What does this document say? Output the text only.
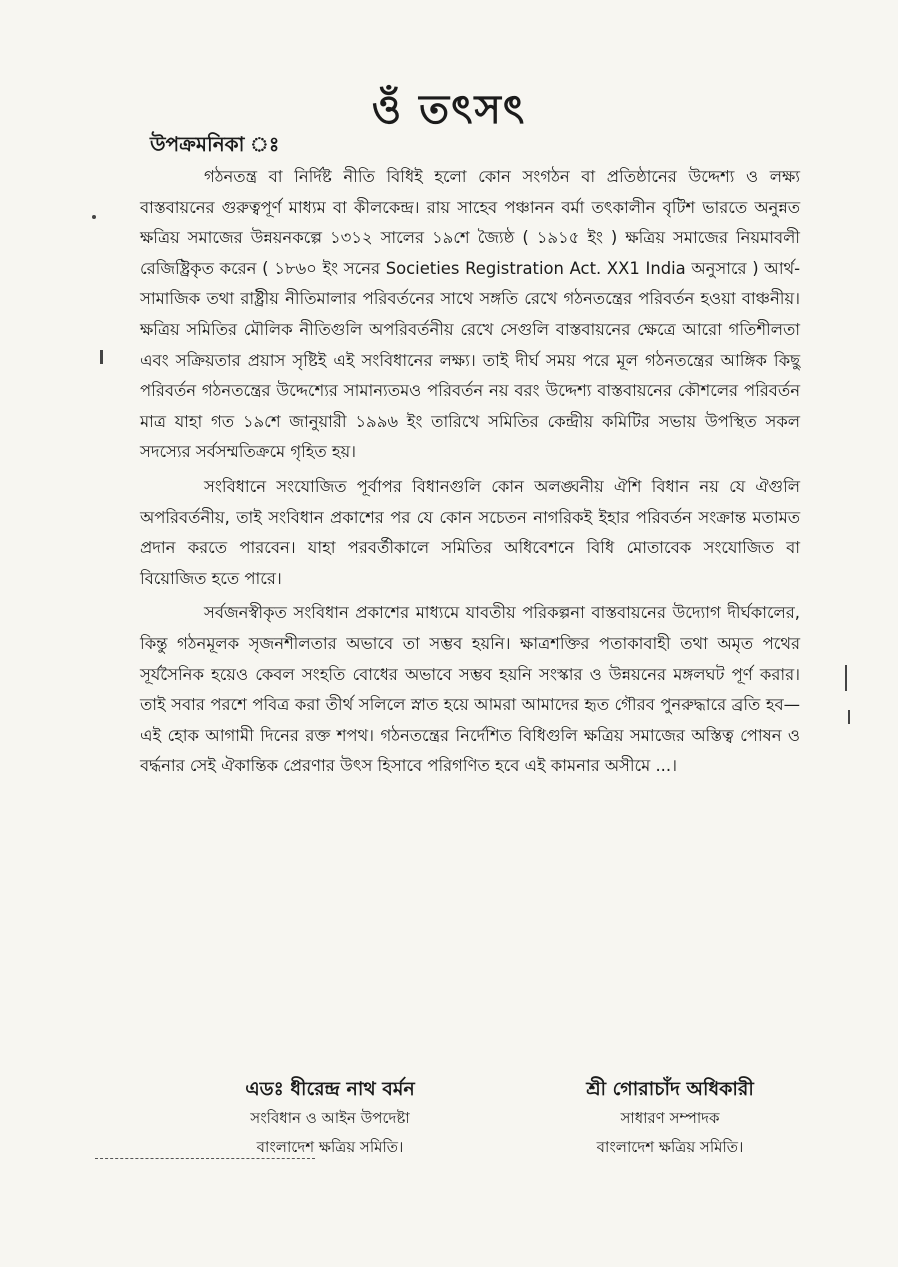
ওঁ তৎসৎ
উপক্রমনিকা ঃ

গঠনতন্ত্র বা নির্দিষ্ট নীতি বিধিই হলো কোন সংগঠন বা প্রতিষ্ঠানের উদ্দেশ্য ও লক্ষ্য বাস্তবায়নের গুরুত্বপূর্ণ মাধ্যম বা কীলকেন্দ্র। রায় সাহেব পঞ্চানন বর্মা তৎকালীন বৃটিশ ভারতে অনুন্নত ক্ষত্রিয় সমাজের উন্নয়নকল্পে ১৩১২ সালের ১৯শে জ্যৈষ্ঠ ( ১৯১৫ ইং ) ক্ষত্রিয় সমাজের নিয়মাবলী রেজিষ্ট্রিকৃত করেন ( ১৮৬০ ইং সনের Societies Registration Act. XX1 India অনুসারে ) আর্থ-সামাজিক তথা রাষ্ট্রীয় নীতিমালার পরিবর্তনের সাথে সঙ্গতি রেখে গঠনতন্ত্রের পরিবর্তন হওয়া বাঞ্চনীয়। ক্ষত্রিয় সমিতির মৌলিক নীতিগুলি অপরিবর্তনীয় রেখে সেগুলি বাস্তবায়নের ক্ষেত্রে আরো গতিশীলতা এবং সক্রিয়তার প্রয়াস সৃষ্টিই এই সংবিধানের লক্ষ্য। তাই দীর্ঘ সময় পরে মূল গঠনতন্ত্রের আঙ্গিক কিছু পরিবর্তন গঠনতন্ত্রের উদ্দেশ্যের সামান্যতমও পরিবর্তন নয় বরং উদ্দেশ্য বাস্তবায়নের কৌশলের পরিবর্তন মাত্র যাহা গত ১৯শে জানুয়ারী ১৯৯৬ ইং তারিখে সমিতির কেন্দ্রীয় কমিটির সভায় উপস্থিত সকল সদস্যের সর্বসম্মতিক্রমে গৃহিত হয়।

সংবিধানে সংযোজিত পূর্বাপর বিধানগুলি কোন অলঙ্ঘনীয় ঐশি বিধান নয় যে ঐগুলি অপরিবর্তনীয়, তাই সংবিধান প্রকাশের পর যে কোন সচেতন নাগরিকই ইহার পরিবর্তন সংক্রান্ত মতামত প্রদান করতে পারবেন। যাহা পরবর্তীকালে সমিতির অধিবেশনে বিধি মোতাবেক সংযোজিত বা বিয়োজিত হতে পারে।

সর্বজনস্বীকৃত সংবিধান প্রকাশের মাধ্যমে যাবতীয় পরিকল্পনা বাস্তবায়নের উদ্যোগ দীর্ঘকালের, কিন্তু গঠনমূলক সৃজনশীলতার অভাবে তা সম্ভব হয়নি। ক্ষাত্রশক্তির পতাকাবাহী তথা অমৃত পথের সূর্যসৈনিক হয়েও কেবল সংহতি বোধের অভাবে সম্ভব হয়নি সংস্কার ও উন্নয়নের মঙ্গলঘট পূর্ণ করার। তাই সবার পরশে পবিত্র করা তীর্থ সলিলে স্নাত হয়ে আমরা আমাদের হৃত গৌরব পুনরুদ্ধারে ব্রতি হব—এই হোক আগামী দিনের রক্ত শপথ। গঠনতন্ত্রের নির্দেশিত বিধিগুলি ক্ষত্রিয় সমাজের অস্তিত্ব পোষন ও বর্দ্ধনার সেই ঐকান্তিক প্রেরণার উৎস হিসাবে পরিগণিত হবে এই কামনার অসীমে ...।

এডঃ ধীরেন্দ্র নাথ বর্মন
সংবিধান ও আইন উপদেষ্টা
বাংলাদেশ ক্ষত্রিয় সমিতি।
শ্রী গোরাচাঁদ অধিকারী
সাধারণ সম্পাদক
বাংলাদেশ ক্ষত্রিয় সমিতি।
